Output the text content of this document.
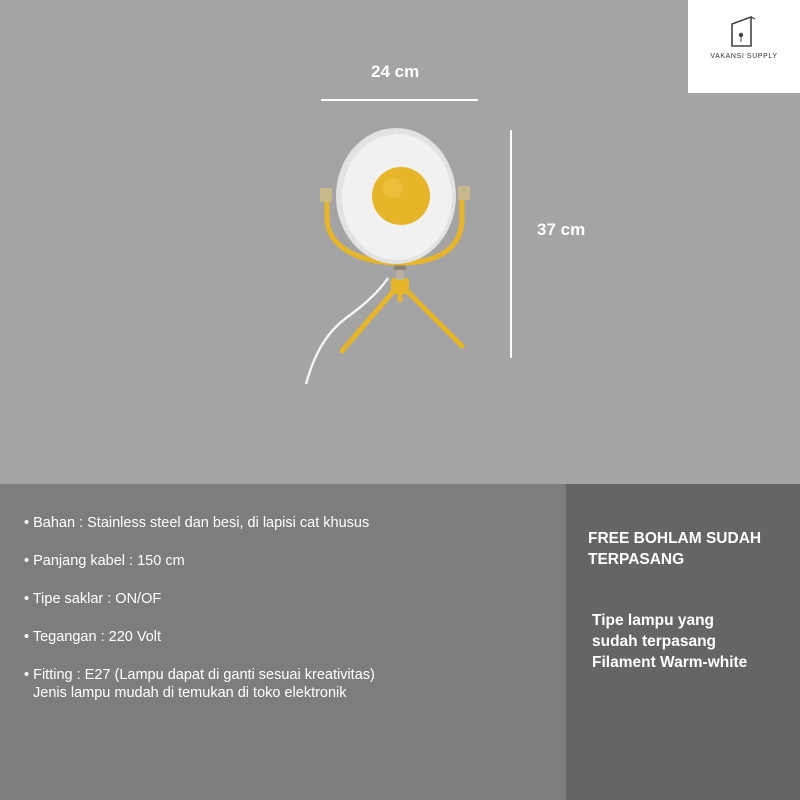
VAKANSI SUPPLY
24 cm
37 cm
• Bahan : Stainless steel dan besi, di lapisi cat khusus
• Panjang kabel : 150 cm
• Tipe saklar : ON/OF
• Tegangan : 220 Volt
• Fitting : E27 (Lampu dapat di ganti sesuai kreativitas)
Jenis lampu mudah di temukan di toko elektronik
FREE BOHLAM SUDAH TERPASANG
Tipe lampu yang
sudah terpasang
Filament Warm-white
